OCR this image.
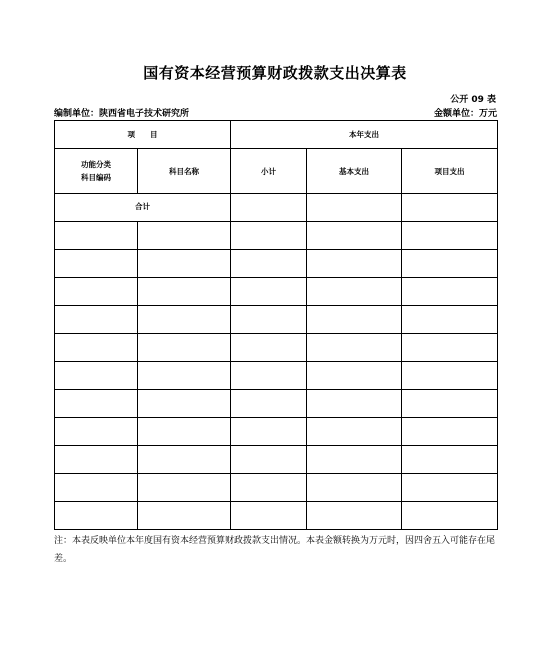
国有资本经营预算财政拨款支出决算表
公开 09 表
编制单位：陕西省电子技术研究所	金额单位：万元
项　　目		本年支出		

功能分类
科目编码	科目名称	小计	基本支出	项目支出
合计				

注：本表反映单位本年度国有资本经营预算财政拨款支出情况。本表金额转换为万元时，因四舍五入可能存在尾差。
